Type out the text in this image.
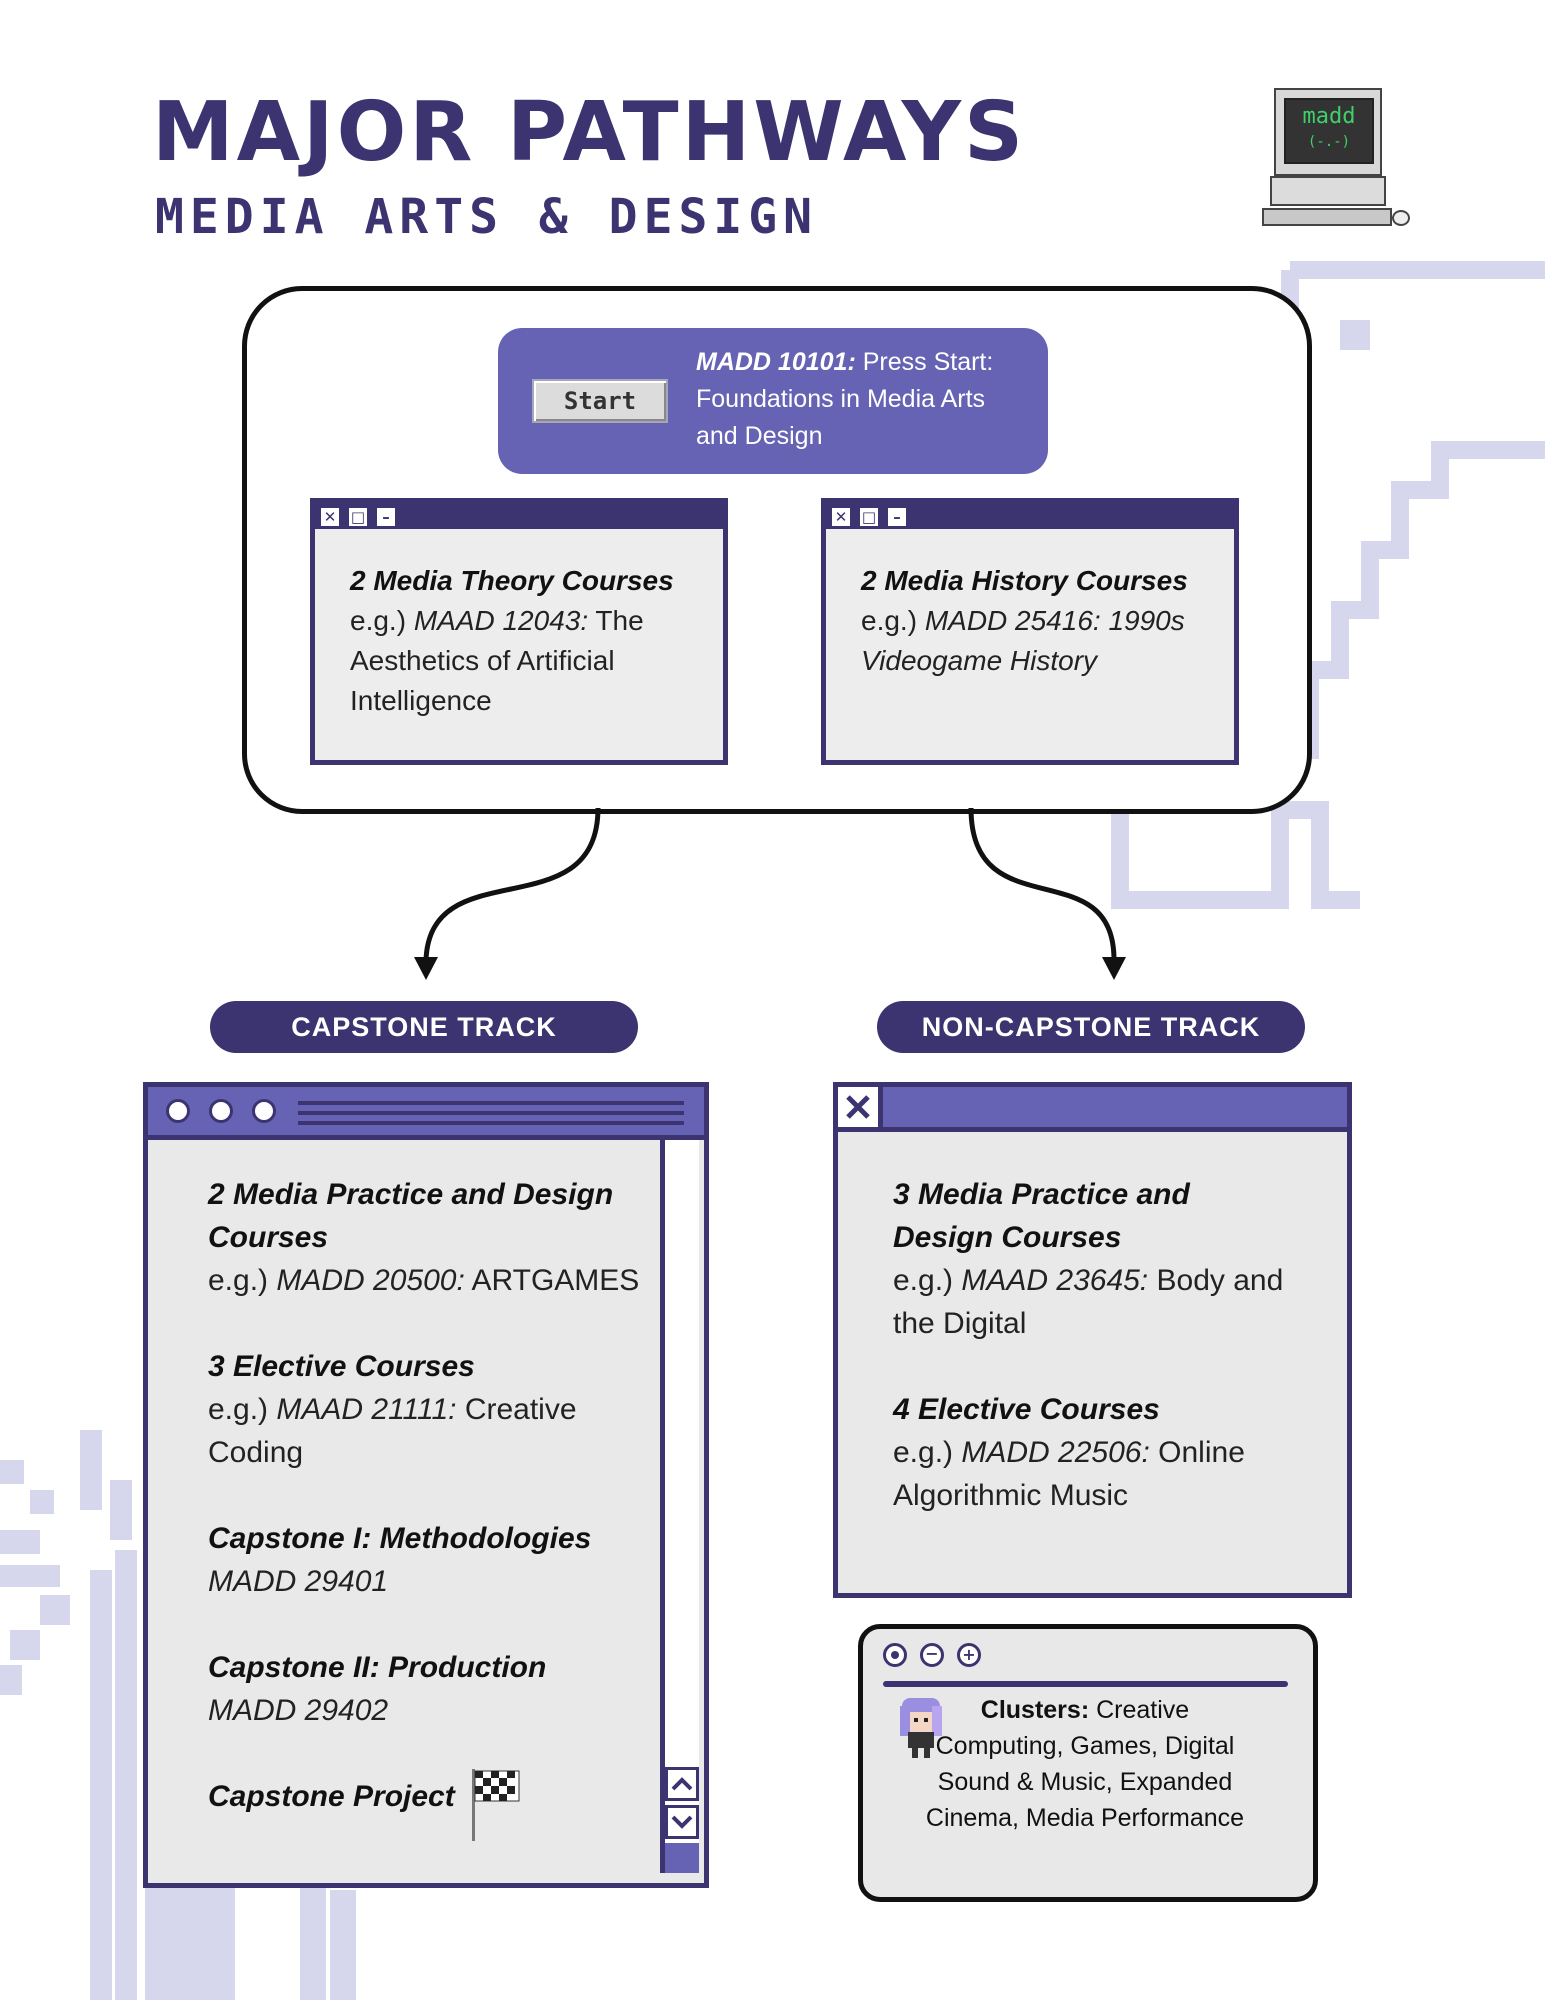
MAJOR PATHWAYS
MEDIA ARTS & DESIGN
madd
(-.-)
Start
MADD 10101: Press Start: Foundations in Media Arts and Design
✕ □	–
2 Media Theory Courses
e.g.) MAAD 12043: The Aesthetics of Artificial Intelligence
✕ □	–
2 Media History Courses
e.g.) MADD 25416: 1990s Videogame History
CAPSTONE TRACK	NON-CAPSTONE TRACK
2 Media Practice and Design Courses
e.g.) MADD 20500: ARTGAMES
3 Elective Courses
e.g.) MAAD 21111: Creative Coding
Capstone I: Methodologies
MADD 29401
Capstone II: Production
MADD 29402
Capstone Project
3 Media Practice and Design Courses
e.g.) MAAD 23645: Body and the Digital
4 Elective Courses
e.g.) MADD 22506: Online Algorithmic Music
−	+
Clusters: Creative Computing, Games, Digital Sound & Music, Expanded Cinema, Media Performance
